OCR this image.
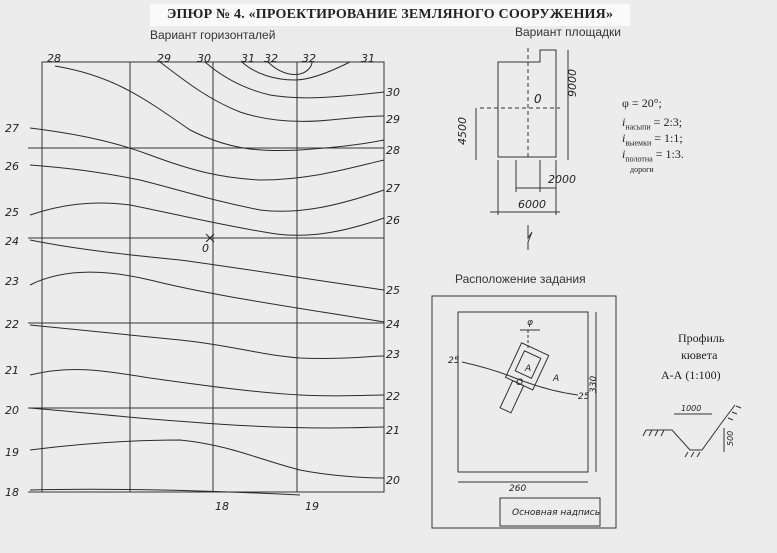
ЭПЮР № 4. «ПРОЕКТИРОВАНИЕ ЗЕМЛЯНОГО СООРУЖЕНИЯ»
Вариант горизонталей
28	29 30	31 32 32	31
27
26
25
24
23
22
21
20
19
18
30
29
28
27
26
25
24
23
22
21
20
18	19
0
Вариант площадки
0
9000
4500
2000
6000
φ = 20°;
$i_{насыпи}$ = 2:3;
$i_{выемки}$ = 1:1;
$i_{полотна}$ = 1:3.
дороги
Расположение задания
φ
25
25
A
A
O	330
260
Основная надпись
Профиль
кювета
А-А (1:100)
1000
500
